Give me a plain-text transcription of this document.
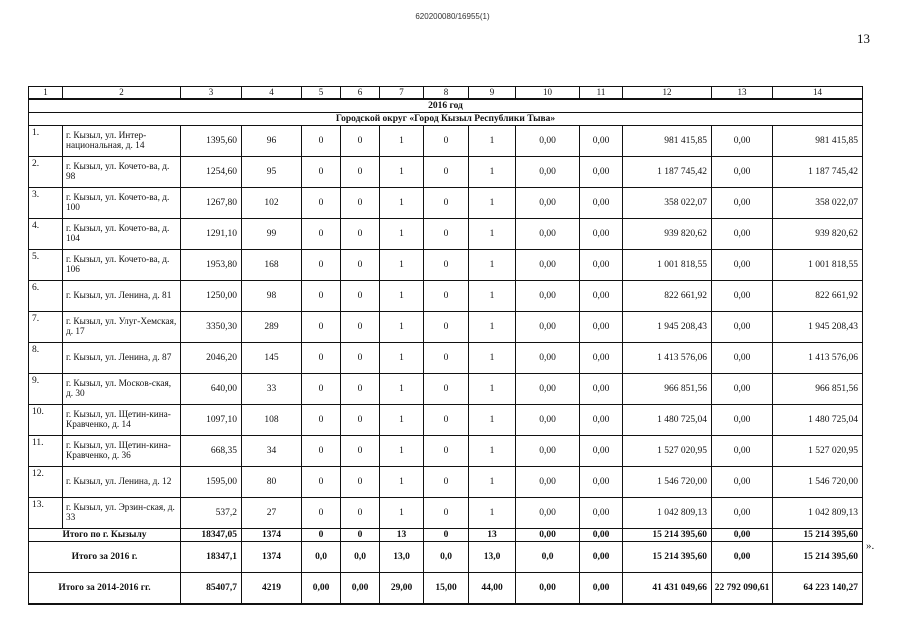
620200080/16955(1)
13
1	2	3	4	5	6	7	8	9	10	11	12	13	14
2016 год													
Городской округ «Город Кызыл Республики Тыва»													
1.	г. Кызыл, ул. Интер-национальная, д. 14	1395,60	96	0	0	1	0	1	0,00	0,00	981 415,85	0,00	981 415,85
2.	г. Кызыл, ул. Кочето-ва, д. 98	1254,60	95	0	0	1	0	1	0,00	0,00	1 187 745,42	0,00	1 187 745,42
3.	г. Кызыл, ул. Кочето-ва, д. 100	1267,80	102	0	0	1	0	1	0,00	0,00	358 022,07	0,00	358 022,07
4.	г. Кызыл, ул. Кочето-ва, д. 104	1291,10	99	0	0	1	0	1	0,00	0,00	939 820,62	0,00	939 820,62
5.	г. Кызыл, ул. Кочето-ва, д. 106	1953,80	168	0	0	1	0	1	0,00	0,00	1 001 818,55	0,00	1 001 818,55
6.	г. Кызыл, ул. Ленина, д. 81	1250,00	98	0	0	1	0	1	0,00	0,00	822 661,92	0,00	822 661,92
7.	г. Кызыл, ул. Улуг-Хемская, д. 17	3350,30	289	0	0	1	0	1	0,00	0,00	1 945 208,43	0,00	1 945 208,43
8.	г. Кызыл, ул. Ленина, д. 87	2046,20	145	0	0	1	0	1	0,00	0,00	1 413 576,06	0,00	1 413 576,06
9.	г. Кызыл, ул. Москов-ская, д. 30	640,00	33	0	0	1	0	1	0,00	0,00	966 851,56	0,00	966 851,56
10.	г. Кызыл, ул. Щетин-кина-Кравченко, д. 14	1097,10	108	0	0	1	0	1	0,00	0,00	1 480 725,04	0,00	1 480 725,04
11.	г. Кызыл, ул. Щетин-кина-Кравченко, д. 36	668,35	34	0	0	1	0	1	0,00	0,00	1 527 020,95	0,00	1 527 020,95
12.	г. Кызыл, ул. Ленина, д. 12	1595,00	80	0	0	1	0	1	0,00	0,00	1 546 720,00	0,00	1 546 720,00
13.	г. Кызыл, ул. Эрзин-ская, д. 33	537,2	27	0	0	1	0	1	0,00	0,00	1 042 809,13	0,00	1 042 809,13
Итого по г. Кызылу		18347,05	1374	0	0	13	0	13	0,00	0,00	15 214 395,60	0,00	15 214 395,60
Итого за 2016 г.		18347,1	1374	0,0	0,0	13,0	0,0	13,0	0,0	0,00	15 214 395,60	0,00	15 214 395,60
Итого за 2014-2016 гг.		85407,7	4219	0,00	0,00	29,00	15,00	44,00	0,00	0,00	41 431 049,66	22 792 090,61	64 223 140,27
».
